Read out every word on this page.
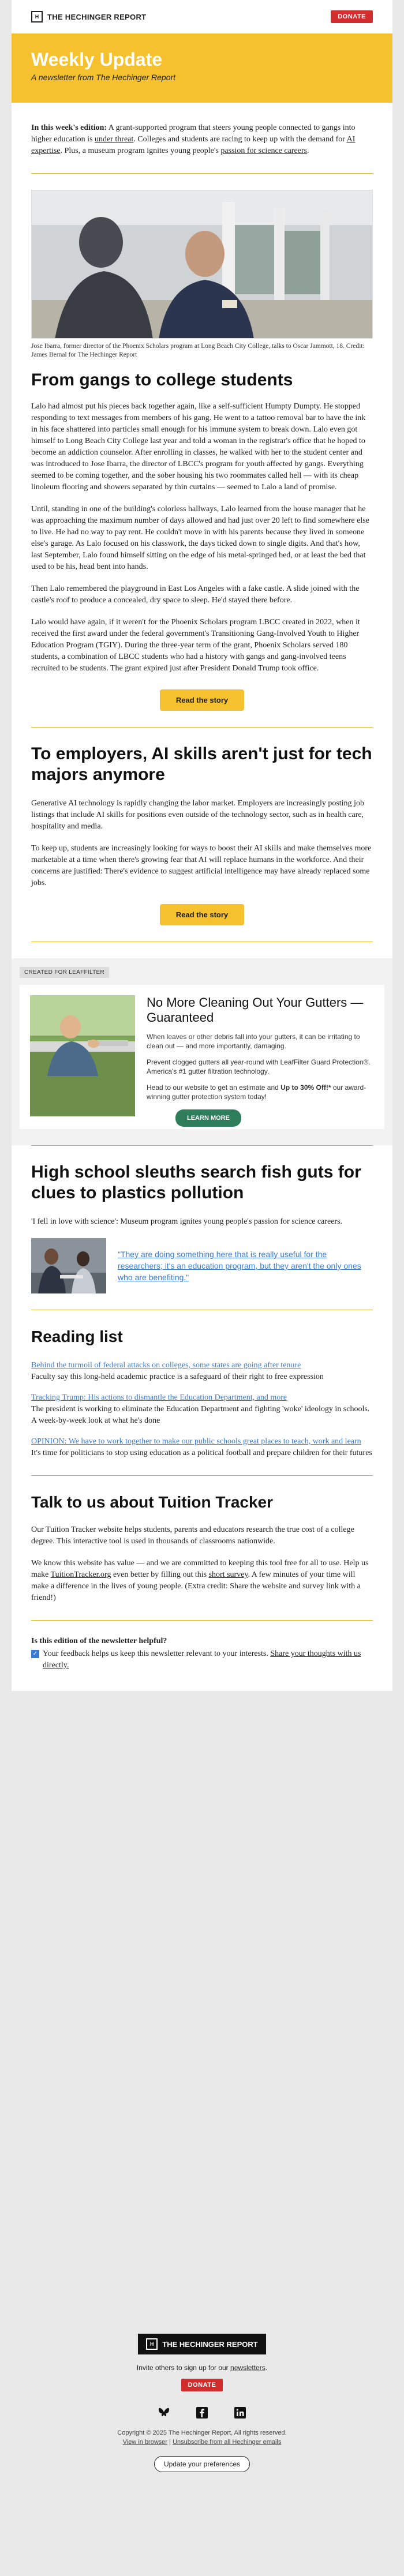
H	THE HECHINGER REPORT	DONATE
Weekly Update

A newsletter from The Hechinger Report

In this week's edition: A grant-supported program that steers young people connected to gangs into higher education is under threat. Colleges and students are racing to keep up with the demand for AI expertise. Plus, a museum program ignites young people's passion for science careers.

Jose Ibarra, former director of the Phoenix Scholars program at Long Beach City College, talks to Oscar Jammott, 18. Credit: James Bernal for The Hechinger Report

From gangs to college students

Lalo had almost put his pieces back together again, like a self-sufficient Humpty Dumpty. He stopped responding to text messages from members of his gang. He went to a tattoo removal bar to have the ink in his face shattered into particles small enough for his immune system to break down. Lalo even got himself to Long Beach City College last year and told a woman in the registrar's office that he hoped to become an addiction counselor. After enrolling in classes, he walked with her to the student center and was introduced to Jose Ibarra, the director of LBCC's program for youth affected by gangs. Everything seemed to be coming together, and the sober housing his two roommates called hell — with its cheap linoleum flooring and showers separated by thin curtains — seemed to Lalo a land of promise.

Until, standing in one of the building's colorless hallways, Lalo learned from the house manager that he was approaching the maximum number of days allowed and had just over 20 left to find somewhere else to live. He had no way to pay rent. He couldn't move in with his parents because they lived in someone else's garage. As Lalo focused on his classwork, the days ticked down to single digits. And that's how, last September, Lalo found himself sitting on the edge of his metal-springed bed, or at least the bed that used to be his, head bent into hands.

Then Lalo remembered the playground in East Los Angeles with a fake castle. A slide joined with the castle's roof to produce a concealed, dry space to sleep. He'd stayed there before.

Lalo would have again, if it weren't for the Phoenix Scholars program LBCC created in 2022, when it received the first award under the federal government's Transitioning Gang-Involved Youth to Higher Education Program (TGIY). During the three-year term of the grant, Phoenix Scholars served 180 students, a combination of LBCC students who had a history with gangs and gang-involved teens recruited to be students. The grant expired just after President Donald Trump took office.

Read the story
To employers, AI skills aren't just for tech majors anymore

Generative AI technology is rapidly changing the labor market. Employers are increasingly posting job listings that include AI skills for positions even outside of the technology sector, such as in health care, hospitality and media.

To keep up, students are increasingly looking for ways to boost their AI skills and make themselves more marketable at a time when there's growing fear that AI will replace humans in the workforce. And their concerns are justified: There's evidence to suggest artificial intelligence may have already replaced some jobs.

Read the story
CREATED FOR LEAFFILTER
No More Cleaning Out Your Gutters — Guaranteed

When leaves or other debris fall into your gutters, it can be irritating to clean out — and more importantly, damaging.

Prevent clogged gutters all year-round with LeafFilter Guard Protection®. America's #1 gutter filtration technology.

Head to our website to get an estimate and Up to 30% Off!* our award-winning gutter protection system today!

LEARN MORE
High school sleuths search fish guts for clues to plastics pollution

'I fell in love with science': Museum program ignites young people's passion for science careers.

"They are doing something here that is really useful for the researchers; it's an education program, but they aren't the only ones who are benefiting."
Reading list
Behind the turmoil of federal attacks on colleges, some states are going after tenure
Faculty say this long-held academic practice is a safeguard of their right to free expression
Tracking Trump: His actions to dismantle the Education Department, and more
The president is working to eliminate the Education Department and fighting 'woke' ideology in schools. A week-by-week look at what he's done
OPINION: We have to work together to make our public schools great places to teach, work and learn
It's time for politicians to stop using education as a political football and prepare children for their futures
Talk to us about Tuition Tracker

Our Tuition Tracker website helps students, parents and educators research the true cost of a college degree. This interactive tool is used in thousands of classrooms nationwide.

We know this website has value — and we are committed to keeping this tool free for all to use. Help us make TuitionTracker.org even better by filling out this short survey. A few minutes of your time will make a difference in the lives of young people. (Extra credit: Share the website and survey link with a friend!)

Is this edition of the newsletter helpful?

✓ Your feedback helps us keep this newsletter relevant to your interests. Share your thoughts with us directly.
H	THE HECHINGER REPORT

Invite others to sign up for our newsletters.

DONATE

Copyright © 2025 The Hechinger Report, All rights reserved.

View in browser | Unsubscribe from all Hechinger emails

Update your preferences
